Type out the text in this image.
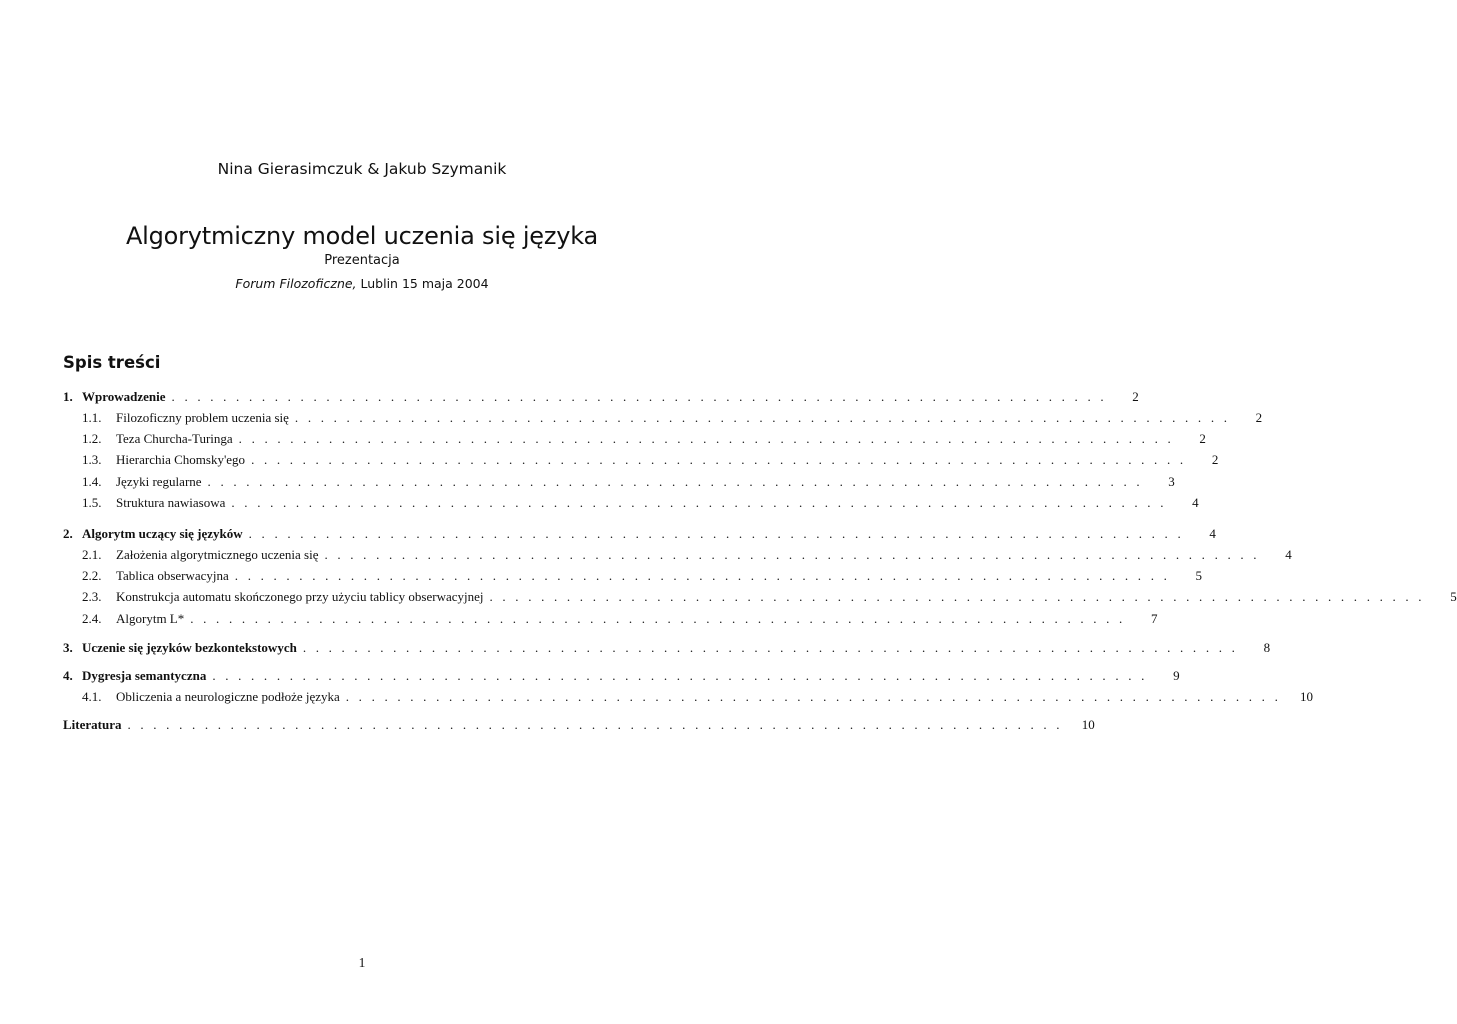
Nina Gierasimczuk & Jakub Szymanik
Algorytmiczny model uczenia się języka
Prezentacja
Forum Filozoficzne, Lublin 15 maja 2004
Spis treści
1. Wprowadzenie . . . . . . . . . . . . . . . . . . . . . . . . . . . . . . . . . . . . . . . . . . . . . . . . . . . . . . . . . . . . . . . . . . . . . . . . .	2
1.1.	Filozoficzny problem uczenia się . . . . . . . . . . . . . . . . . . . . . . . . . . . . . . . . . . . . . . . . . . . . . . . . . . . . . . . . . . . . . . . . . . . . . . . . .	2
1.2.	Teza Churcha-Turinga . . . . . . . . . . . . . . . . . . . . . . . . . . . . . . . . . . . . . . . . . . . . . . . . . . . . . . . . . . . . . . . . . . . . . . . . .	2
1.3.	Hierarchia Chomsky'ego . . . . . . . . . . . . . . . . . . . . . . . . . . . . . . . . . . . . . . . . . . . . . . . . . . . . . . . . . . . . . . . . . . . . . . . . .	2
1.4.	Języki regularne . . . . . . . . . . . . . . . . . . . . . . . . . . . . . . . . . . . . . . . . . . . . . . . . . . . . . . . . . . . . . . . . . . . . . . . . .	3
1.5.	Struktura nawiasowa . . . . . . . . . . . . . . . . . . . . . . . . . . . . . . . . . . . . . . . . . . . . . . . . . . . . . . . . . . . . . . . . . . . . . . . . .	4
2. Algorytm uczący się języków . . . . . . . . . . . . . . . . . . . . . . . . . . . . . . . . . . . . . . . . . . . . . . . . . . . . . . . . . . . . . . . . . . . . . . . . .	4
2.1.	Założenia algorytmicznego uczenia się . . . . . . . . . . . . . . . . . . . . . . . . . . . . . . . . . . . . . . . . . . . . . . . . . . . . . . . . . . . . . . . . . . . . . . . . .	4
2.2.	Tablica obserwacyjna . . . . . . . . . . . . . . . . . . . . . . . . . . . . . . . . . . . . . . . . . . . . . . . . . . . . . . . . . . . . . . . . . . . . . . . . .	5
2.3.	Konstrukcja automatu skończonego przy użyciu tablicy obserwacyjnej . . . . . . . . . . . . . . . . . . . . . . . . . . . . . . . . . . . . . . . . . . . . . . . . . . . . . . . . . . . . . . . . . . . . . . . . .	5
2.4.	Algorytm L* . . . . . . . . . . . . . . . . . . . . . . . . . . . . . . . . . . . . . . . . . . . . . . . . . . . . . . . . . . . . . . . . . . . . . . . . .	7
3. Uczenie się języków bezkontekstowych . . . . . . . . . . . . . . . . . . . . . . . . . . . . . . . . . . . . . . . . . . . . . . . . . . . . . . . . . . . . . . . . . . . . . . . . .	8
4. Dygresja semantyczna . . . . . . . . . . . . . . . . . . . . . . . . . . . . . . . . . . . . . . . . . . . . . . . . . . . . . . . . . . . . . . . . . . . . . . . . .	9
4.1.	Obliczenia a neurologiczne podłoże języka . . . . . . . . . . . . . . . . . . . . . . . . . . . . . . . . . . . . . . . . . . . . . . . . . . . . . . . . . . . . . . . . . . . . . . . . .	10
Literatura . . . . . . . . . . . . . . . . . . . . . . . . . . . . . . . . . . . . . . . . . . . . . . . . . . . . . . . . . . . . . . . . . . . . . . . . .	10
1
